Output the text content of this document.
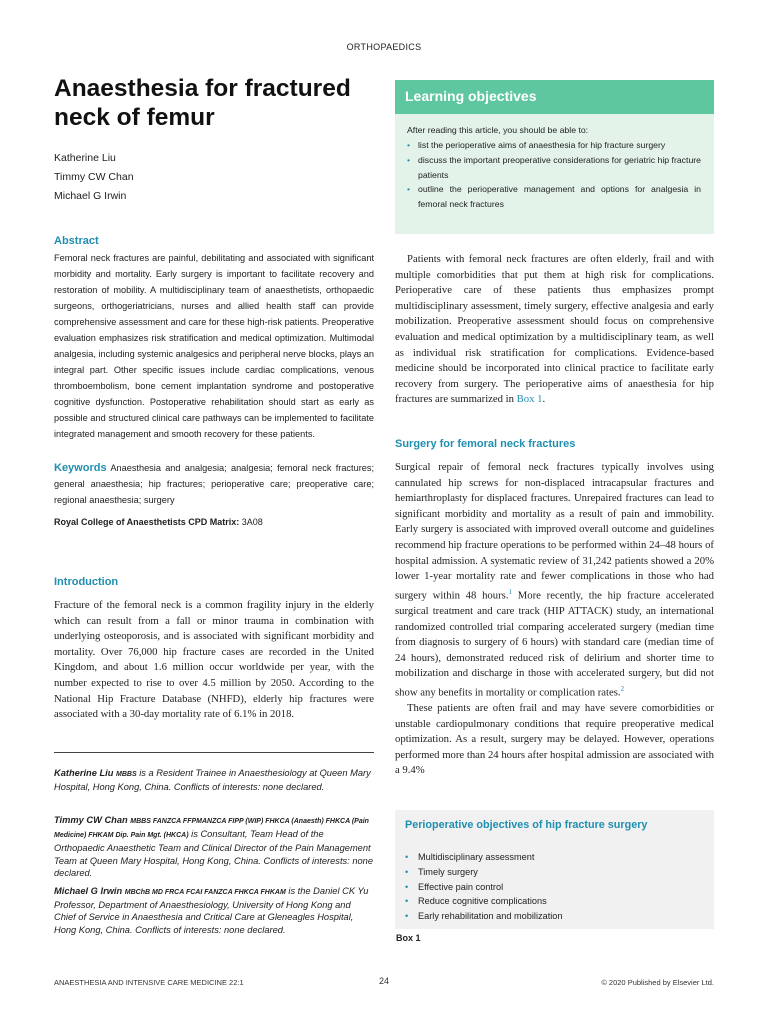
ORTHOPAEDICS
Anaesthesia for fractured neck of femur
Katherine Liu
Timmy CW Chan
Michael G Irwin
Abstract
Femoral neck fractures are painful, debilitating and associated with significant morbidity and mortality. Early surgery is important to facilitate recovery and restoration of mobility. A multidisciplinary team of anaesthetists, orthopaedic surgeons, orthogeriatricians, nurses and allied health staff can provide comprehensive assessment and care for these high-risk patients. Preoperative evaluation emphasizes risk stratification and medical optimization. Multimodal analgesia, including systemic analgesics and peripheral nerve blocks, plays an integral part. Other specific issues include cardiac complications, venous thromboembolism, bone cement implantation syndrome and postoperative cognitive dysfunction. Postoperative rehabilitation should start as early as possible and structured clinical care pathways can be implemented to facilitate integrated management and smooth recovery for these patients.
Keywords Anaesthesia and analgesia; analgesia; femoral neck fractures; general anaesthesia; hip fractures; perioperative care; preoperative care; regional anaesthesia; surgery
Royal College of Anaesthetists CPD Matrix: 3A08
Introduction

Fracture of the femoral neck is a common fragility injury in the elderly which can result from a fall or minor trauma in combination with underlying osteoporosis, and is associated with significant morbidity and mortality. Over 76,000 hip fracture cases are recorded in the United Kingdom, and about 1.6 million occur worldwide per year, with the number expected to rise to over 4.5 million by 2050. According to the National Hip Fracture Database (NHFD), elderly hip fractures were associated with a 30-day mortality rate of 6.1% in 2018.

Katherine Liu MBBS is a Resident Trainee in Anaesthesiology at Queen Mary Hospital, Hong Kong, China. Conflicts of interests: none declared.
Timmy CW Chan MBBS FANZCA FFPMANZCA FIPP (WIP) FHKCA (Anaesth) FHKCA (Pain Medicine) FHKAM Dip. Pain Mgt. (HKCA) is Consultant, Team Head of the Orthopaedic Anaesthetic Team and Clinical Director of the Pain Management Team at Queen Mary Hospital, Hong Kong, China. Conflicts of interests: none declared.
Michael G Irwin MBChB MD FRCA FCAI FANZCA FHKCA FHKAM is the Daniel CK Yu Professor, Department of Anaesthesiology, University of Hong Kong and Chief of Service in Anaesthesia and Critical Care at Gleneagles Hospital, Hong Kong, China. Conflicts of interests: none declared.
Learning objectives
After reading this article, you should be able to:
• list the perioperative aims of anaesthesia for hip fracture surgery
• discuss the important preoperative considerations for geriatric hip fracture patients
• outline the perioperative management and options for analgesia in femoral neck fractures

Patients with femoral neck fractures are often elderly, frail and with multiple comorbidities that put them at high risk for complications. Perioperative care of these patients thus emphasizes prompt multidisciplinary assessment, timely surgery, effective analgesia and early mobilization. Preoperative assessment should focus on comprehensive evaluation and medical optimization by a multidisciplinary team, as well as individual risk stratification for complications. Evidence-based medicine should be incorporated into clinical practice to facilitate early recovery from surgery. The perioperative aims of anaesthesia for hip fractures are summarized in Box 1.

Surgery for femoral neck fractures

Surgical repair of femoral neck fractures typically involves using cannulated hip screws for non-displaced intracapsular fractures and hemiarthroplasty for displaced fractures. Unrepaired fractures can lead to significant morbidity and mortality as a result of pain and immobility. Early surgery is associated with improved overall outcome and guidelines recommend hip fracture operations to be performed within 24–48 hours of hospital admission. A systematic review of 31,242 patients showed a 20% lower 1-year mortality rate and fewer complications in those who had surgery within 48 hours.$^1$ More recently, the hip fracture accelerated surgical treatment and care track (HIP ATTACK) study, an international randomized controlled trial comparing accelerated surgery (median time from diagnosis to surgery of 6 hours) with standard care (median time of 24 hours), demonstrated reduced risk of delirium and shorter time to mobilization and discharge in those with accelerated surgery, but did not show any benefits in mortality or complication rates.$^2$

These patients are often frail and may have severe comorbidities or unstable cardiopulmonary conditions that require preoperative medical optimization. As a result, surgery may be delayed. However, operations performed more than 24 hours after hospital admission are associated with a 9.4%

Perioperative objectives of hip fracture surgery
• Multidisciplinary assessment
• Timely surgery
• Effective pain control
• Reduce cognitive complications
• Early rehabilitation and mobilization
Box 1
ANAESTHESIA AND INTENSIVE CARE MEDICINE 22:1	24	© 2020 Published by Elsevier Ltd.
